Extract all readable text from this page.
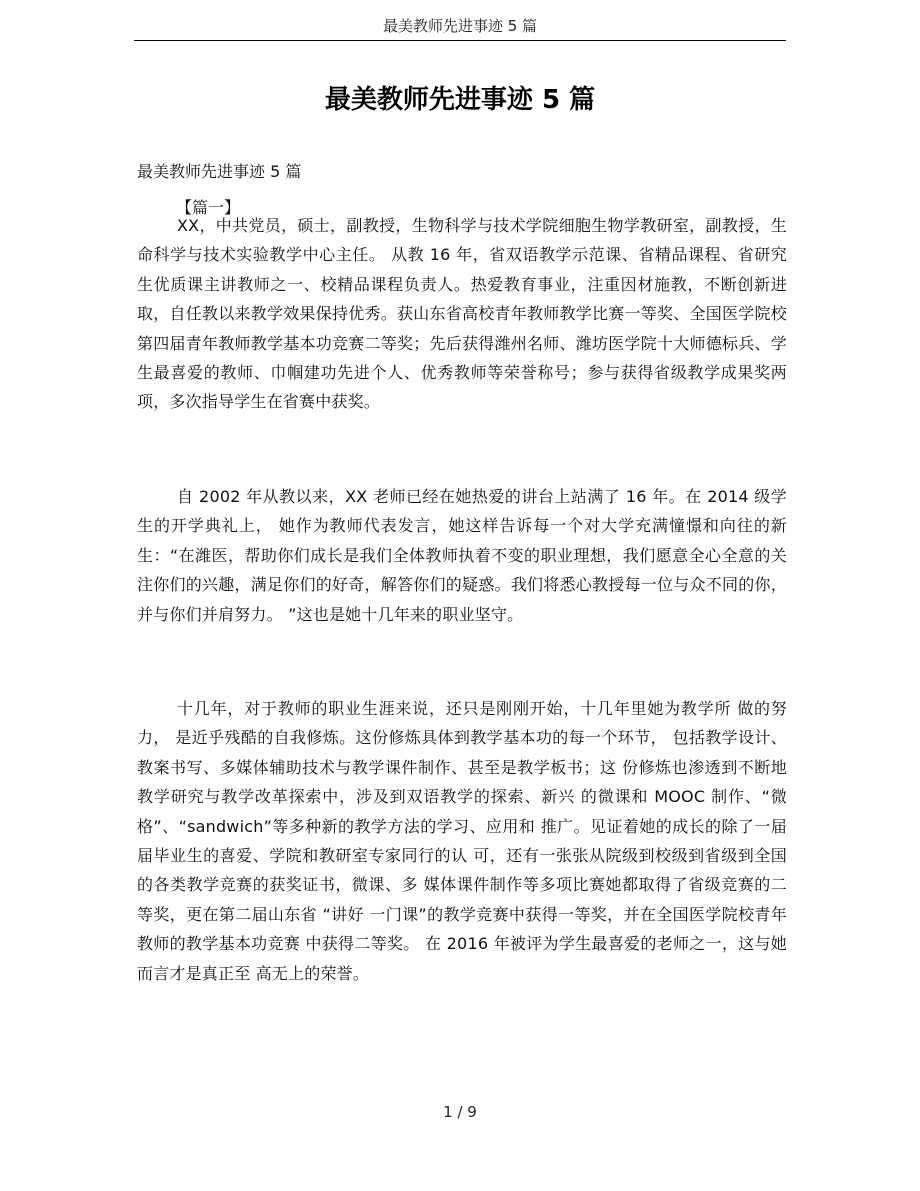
最美教师先进事迹 5 篇
最美教师先进事迹 5 篇
最美教师先进事迹 5 篇
【篇一】

XX，中共党员，硕士，副教授，生物科学与技术学院细胞生物学教研室，副教授，生命科学与技术实验教学中心主任。 从教 16 年，省双语教学示范课、省精品课程、省研究生优质课主讲教师之一、校精品课程负责人。热爱教育事业，注重因材施教，不断创新进取，自任教以来教学效果保持优秀。获山东省高校青年教师教学比赛一等奖、全国医学院校第四届青年教师教学基本功竞赛二等奖；先后获得潍州名师、潍坊医学院十大师德标兵、学生最喜爱的教师、巾帼建功先进个人、优秀教师等荣誉称号；参与获得省级教学成果奖两项，多次指导学生在省赛中获奖。

自 2002 年从教以来，XX 老师已经在她热爱的讲台上站满了 16 年。在 2014 级学生的开学典礼上， 她作为教师代表发言，她这样告诉每一个对大学充满憧憬和向往的新生：“在潍医，帮助你们成长是我们全体教师执着不变的职业理想，我们愿意全心全意的关注你们的兴趣，满足你们的好奇，解答你们的疑惑。我们将悉心教授每一位与众不同的你，并与你们并肩努力。 ”这也是她十几年来的职业坚守。

十几年，对于教师的职业生涯来说，还只是刚刚开始，十几年里她为教学所 做的努力， 是近乎残酷的自我修炼。这份修炼具体到教学基本功的每一个环节， 包括教学设计、教案书写、多媒体辅助技术与教学课件制作、甚至是教学板书；这 份修炼也渗透到不断地教学研究与教学改革探索中，涉及到双语教学的探索、新兴 的微课和 MOOC 制作、“微格”、“sandwich”等多种新的教学方法的学习、应用和 推广。见证着她的成长的除了一届届毕业生的喜爱、学院和教研室专家同行的认 可，还有一张张从院级到校级到省级到全国的各类教学竞赛的获奖证书，微课、多 媒体课件制作等多项比赛她都取得了省级竞赛的二等奖，更在第二届山东省 “讲好 一门课”的教学竞赛中获得一等奖，并在全国医学院校青年教师的教学基本功竞赛 中获得二等奖。 在 2016 年被评为学生最喜爱的老师之一，这与她而言才是真正至 高无上的荣誉。

1 / 9
